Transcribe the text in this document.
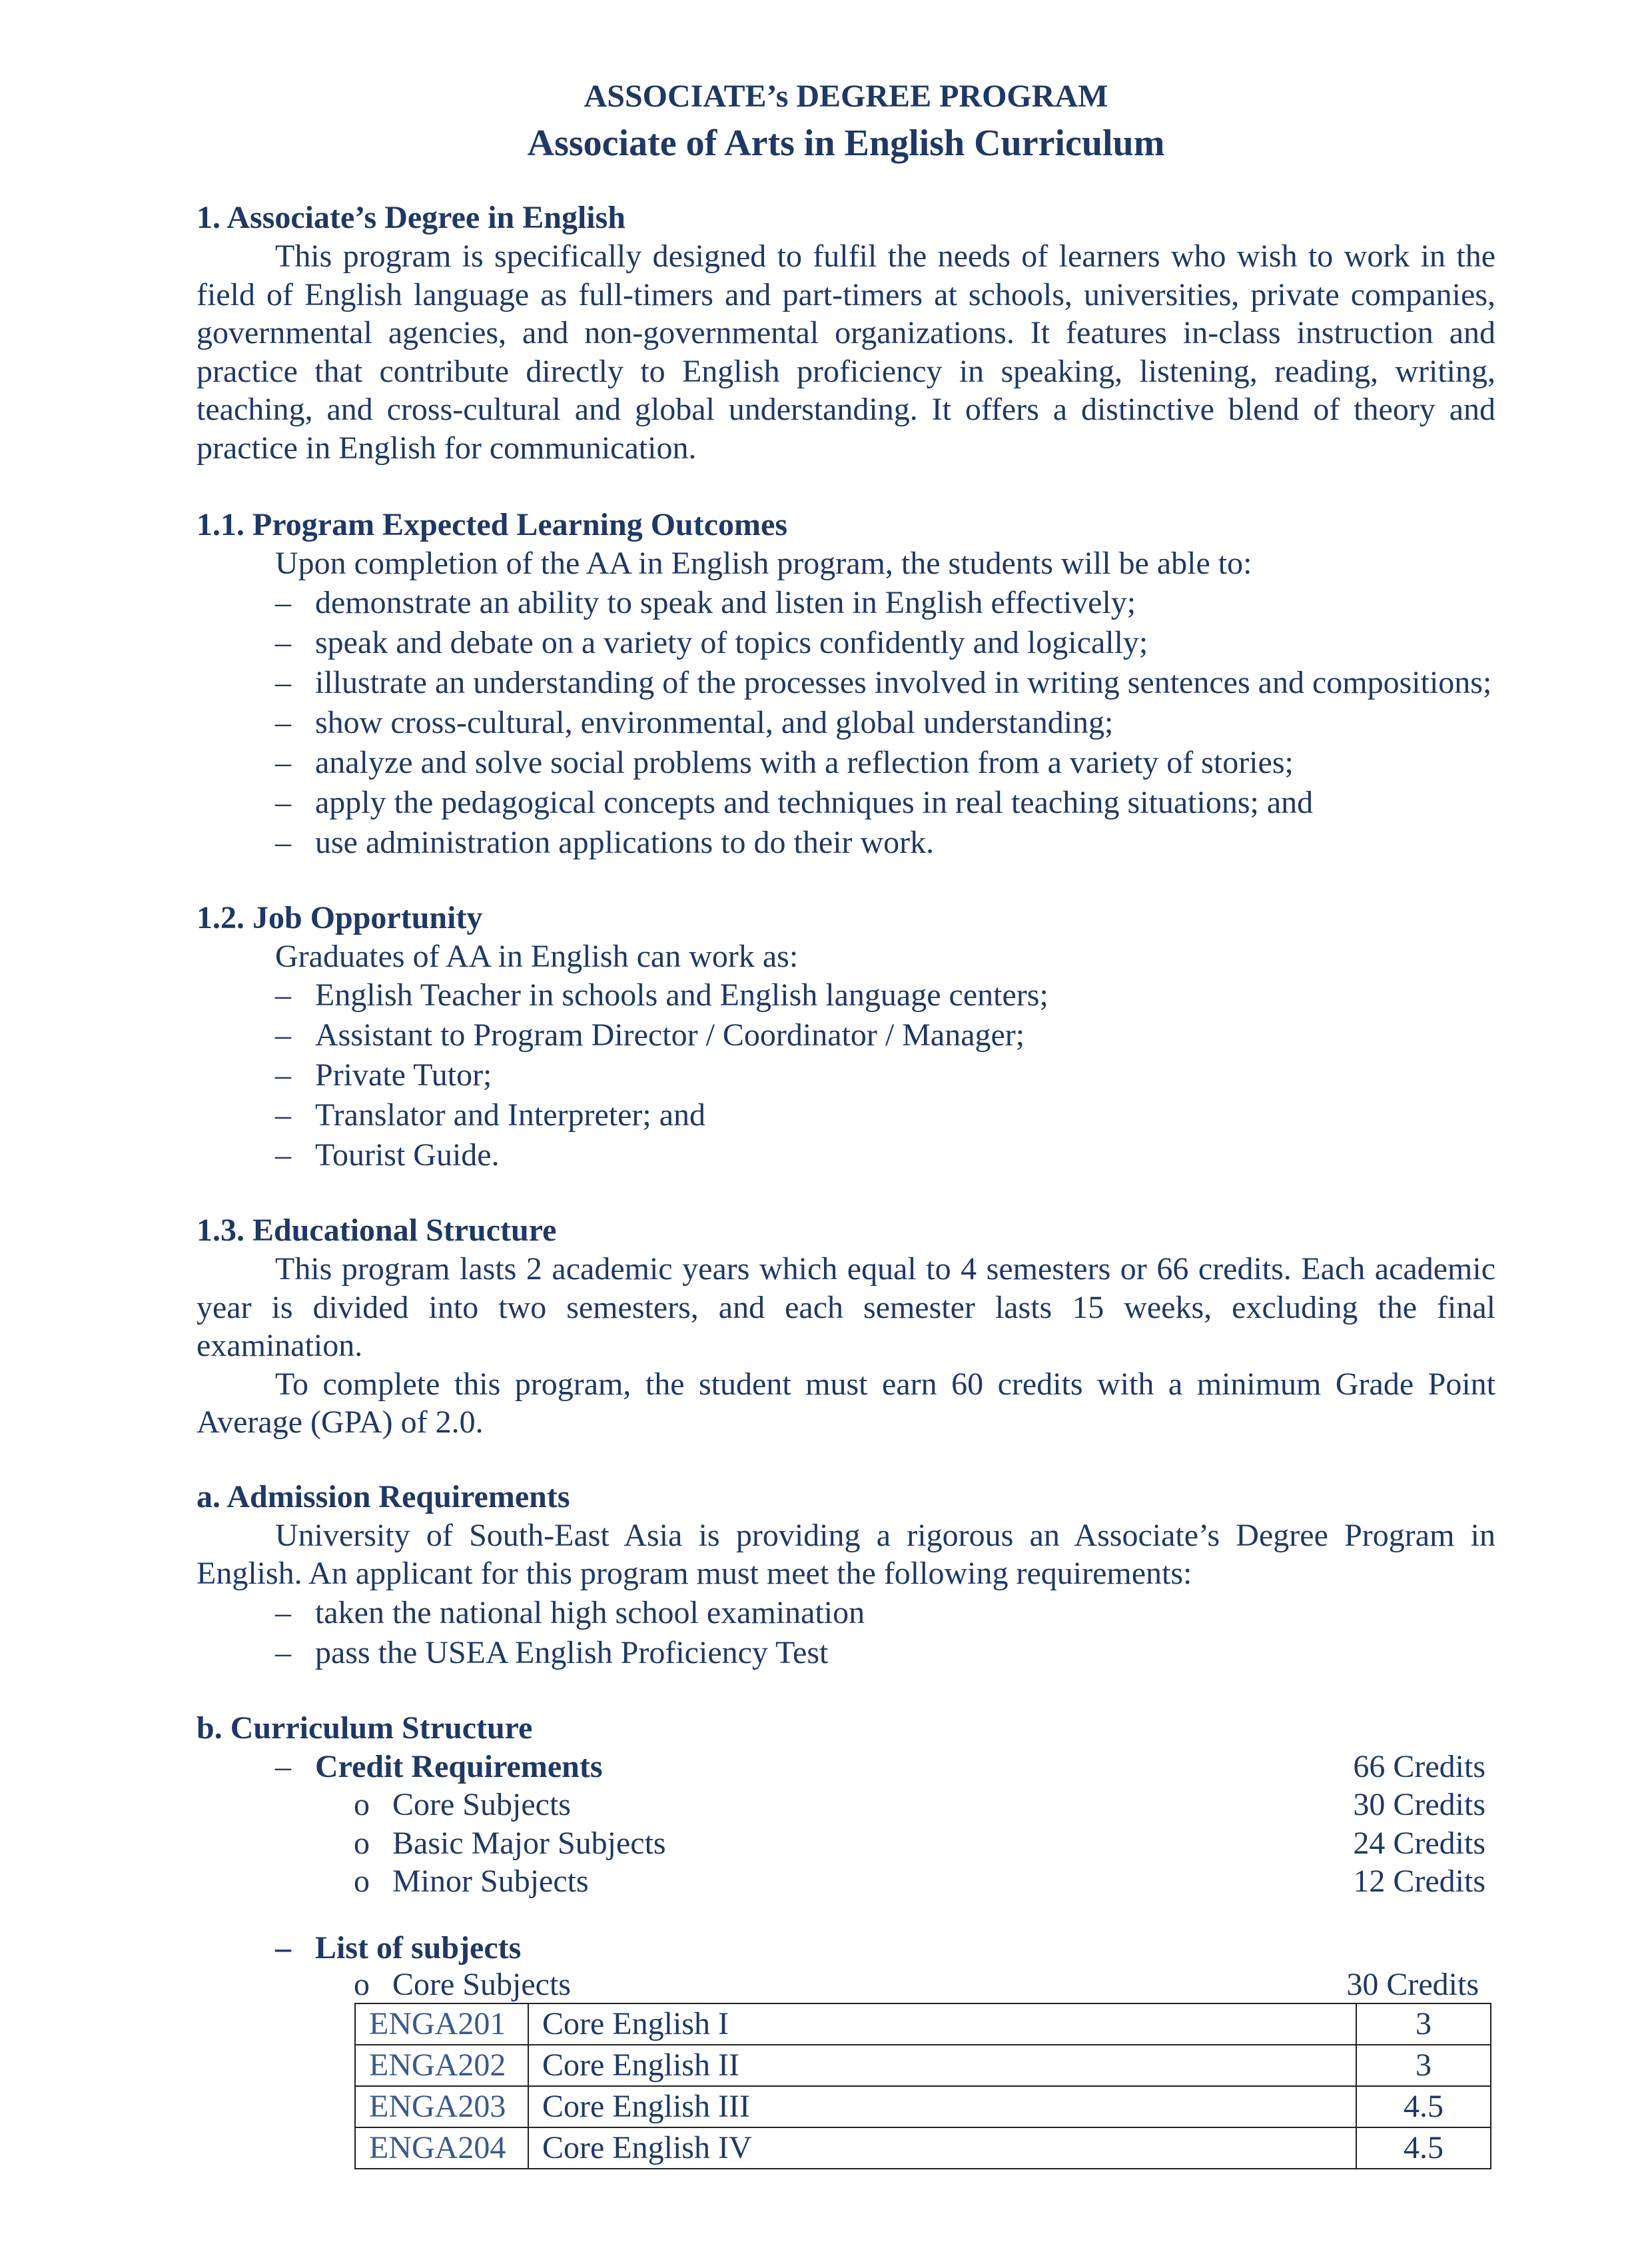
ASSOCIATE’s DEGREE PROGRAM
Associate of Arts in English Curriculum
1. Associate’s Degree in English

This program is specifically designed to fulfil the needs of learners who wish to work in the field of English language as full-timers and part-timers at schools, universities, private companies, governmental agencies, and non-governmental organizations. It features in-class instruction and practice that contribute directly to English proficiency in speaking, listening, reading, writing, teaching, and cross-cultural and global understanding. It offers a distinctive blend of theory and practice in English for communication.

1.1. Program Expected Learning Outcomes
Upon completion of the AA in English program, the students will be able to:
– demonstrate an ability to speak and listen in English effectively;
– speak and debate on a variety of topics confidently and logically;
– illustrate an understanding of the processes involved in writing sentences and compositions;
– show cross-cultural, environmental, and global understanding;
– analyze and solve social problems with a reflection from a variety of stories;
– apply the pedagogical concepts and techniques in real teaching situations; and
– use administration applications to do their work.
1.2. Job Opportunity
Graduates of AA in English can work as:
– English Teacher in schools and English language centers;
– Assistant to Program Director / Coordinator / Manager;
– Private Tutor;
– Translator and Interpreter; and
– Tourist Guide.
1.3. Educational Structure

This program lasts 2 academic years which equal to 4 semesters or 66 credits. Each academic year is divided into two semesters, and each semester lasts 15 weeks, excluding the final examination.

To complete this program, the student must earn 60 credits with a minimum Grade Point Average (GPA) of 2.0.

a. Admission Requirements

University of South-East Asia is providing a rigorous an Associate’s Degree Program in English. An applicant for this program must meet the following requirements:

– taken the national high school examination
– pass the USEA English Proficiency Test
b. Curriculum Structure
– Credit Requirements	66 Credits
o Core Subjects	30 Credits
o Basic Major Subjects	24 Credits
o Minor Subjects	12 Credits
– List of subjects
o Core Subjects	30 Credits
ENGA201	Core English I	3
ENGA202	Core English II	3
ENGA203	Core English III	4.5
ENGA204	Core English IV	4.5
